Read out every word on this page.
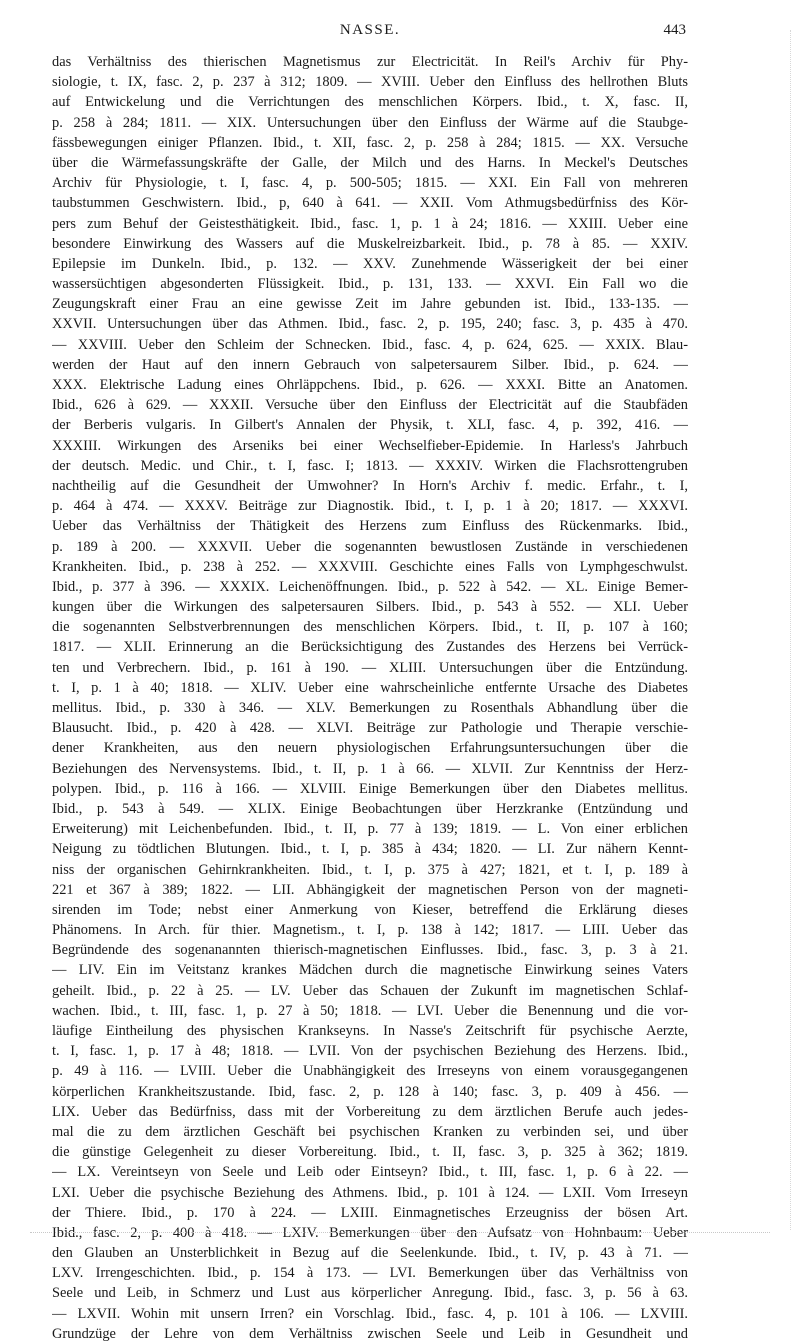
NASSE.	443
das Verhältniss des thierischen Magnetismus zur Electricität. In Reil's Archiv für Phy-
siologie, t. IX, fasc. 2, p. 237 à 312; 1809. — XVIII. Ueber den Einfluss des hellrothen Bluts
auf Entwickelung und die Verrichtungen des menschlichen Körpers. Ibid., t. X, fasc. II,
p. 258 à 284; 1811. — XIX. Untersuchungen über den Einfluss der Wärme auf die Staubge-
fässbewegungen einiger Pflanzen. Ibid., t. XII, fasc. 2, p. 258 à 284; 1815. — XX. Versuche
über die Wärmefassungskräfte der Galle, der Milch und des Harns. In Meckel's Deutsches
Archiv für Physiologie, t. I, fasc. 4, p. 500-505; 1815. — XXI. Ein Fall von mehreren
taubstummen Geschwistern. Ibid., p, 640 à 641. — XXII. Vom Athmugsbedürfniss des Kör-
pers zum Behuf der Geistesthätigkeit. Ibid., fasc. 1, p. 1 à 24; 1816. — XXIII. Ueber eine
besondere Einwirkung des Wassers auf die Muskelreizbarkeit. Ibid., p. 78 à 85. — XXIV.
Epilepsie im Dunkeln. Ibid., p. 132. — XXV. Zunehmende Wässerigkeit der bei einer
wassersüchtigen abgesonderten Flüssigkeit. Ibid., p. 131, 133. — XXVI. Ein Fall wo die
Zeugungskraft einer Frau an eine gewisse Zeit im Jahre gebunden ist. Ibid., 133-135. —
XXVII. Untersuchungen über das Athmen. Ibid., fasc. 2, p. 195, 240; fasc. 3, p. 435 à 470.
— XXVIII. Ueber den Schleim der Schnecken. Ibid., fasc. 4, p. 624, 625. — XXIX. Blau-
werden der Haut auf den innern Gebrauch von salpetersaurem Silber. Ibid., p. 624. —
XXX. Elektrische Ladung eines Ohrläppchens. Ibid., p. 626. — XXXI. Bitte an Anatomen.
Ibid., 626 à 629. — XXXII. Versuche über den Einfluss der Electricität auf die Staubfäden
der Berberis vulgaris. In Gilbert's Annalen der Physik, t. XLI, fasc. 4, p. 392, 416. —
XXXIII. Wirkungen des Arseniks bei einer Wechselfieber-Epidemie. In Harless's Jahrbuch
der deutsch. Medic. und Chir., t. I, fasc. I; 1813. — XXXIV. Wirken die Flachsrottengruben
nachtheilig auf die Gesundheit der Umwohner? In Horn's Archiv f. medic. Erfahr., t. I,
p. 464 à 474. — XXXV. Beiträge zur Diagnostik. Ibid., t. I, p. 1 à 20; 1817. — XXXVI.
Ueber das Verhältniss der Thätigkeit des Herzens zum Einfluss des Rückenmarks. Ibid.,
p. 189 à 200. — XXXVII. Ueber die sogenannten bewustlosen Zustände in verschiedenen
Krankheiten. Ibid., p. 238 à 252. — XXXVIII. Geschichte eines Falls von Lymphgeschwulst.
Ibid., p. 377 à 396. — XXXIX. Leichenöffnungen. Ibid., p. 522 à 542. — XL. Einige Bemer-
kungen über die Wirkungen des salpetersauren Silbers. Ibid., p. 543 à 552. — XLI. Ueber
die sogenannten Selbstverbrennungen des menschlichen Körpers. Ibid., t. II, p. 107 à 160;
1817. — XLII. Erinnerung an die Berücksichtigung des Zustandes des Herzens bei Verrück-
ten und Verbrechern. Ibid., p. 161 à 190. — XLIII. Untersuchungen über die Entzündung.
t. I, p. 1 à 40; 1818. — XLIV. Ueber eine wahrscheinliche entfernte Ursache des Diabetes
mellitus. Ibid., p. 330 à 346. — XLV. Bemerkungen zu Rosenthals Abhandlung über die
Blausucht. Ibid., p. 420 à 428. — XLVI. Beiträge zur Pathologie und Therapie verschie-
dener Krankheiten, aus den neuern physiologischen Erfahrungsuntersuchungen über die
Beziehungen des Nervensystems. Ibid., t. II, p. 1 à 66. — XLVII. Zur Kenntniss der Herz-
polypen. Ibid., p. 116 à 166. — XLVIII. Einige Bemerkungen über den Diabetes mellitus.
Ibid., p. 543 à 549. — XLIX. Einige Beobachtungen über Herzkranke (Entzündung und
Erweiterung) mit Leichenbefunden. Ibid., t. II, p. 77 à 139; 1819. — L. Von einer erblichen
Neigung zu tödtlichen Blutungen. Ibid., t. I, p. 385 à 434; 1820. — LI. Zur nähern Kennt-
niss der organischen Gehirnkrankheiten. Ibid., t. I, p. 375 à 427; 1821, et t. I, p. 189 à
221 et 367 à 389; 1822. — LII. Abhängigkeit der magnetischen Person von der magneti-
sirenden im Tode; nebst einer Anmerkung von Kieser, betreffend die Erklärung dieses
Phänomens. In Arch. für thier. Magnetism., t. I, p. 138 à 142; 1817. — LIII. Ueber das
Begründende des sogenanannten thierisch-magnetischen Einflusses. Ibid., fasc. 3, p. 3 à 21.
— LIV. Ein im Veitstanz krankes Mädchen durch die magnetische Einwirkung seines Vaters
geheilt. Ibid., p. 22 à 25. — LV. Ueber das Schauen der Zukunft im magnetischen Schlaf-
wachen. Ibid., t. III, fasc. 1, p. 27 à 50; 1818. — LVI. Ueber die Benennung und die vor-
läufige Eintheilung des physischen Krankseyns. In Nasse's Zeitschrift für psychische Aerzte,
t. I, fasc. 1, p. 17 à 48; 1818. — LVII. Von der psychischen Beziehung des Herzens. Ibid.,
p. 49 à 116. — LVIII. Ueber die Unabhängigkeit des Irreseyns von einem vorausgegangenen
körperlichen Krankheitszustande. Ibid, fasc. 2, p. 128 à 140; fasc. 3, p. 409 à 456. —
LIX. Ueber das Bedürfniss, dass mit der Vorbereitung zu dem ärztlichen Berufe auch jedes-
mal die zu dem ärztlichen Geschäft bei psychischen Kranken zu verbinden sei, und über
die günstige Gelegenheit zu dieser Vorbereitung. Ibid., t. II, fasc. 3, p. 325 à 362; 1819.
— LX. Vereintseyn von Seele und Leib oder Eintseyn? Ibid., t. III, fasc. 1, p. 6 à 22. —
LXI. Ueber die psychische Beziehung des Athmens. Ibid., p. 101 à 124. — LXII. Vom Irreseyn
der Thiere. Ibid., p. 170 à 224. — LXIII. Einmagnetisches Erzeugniss der bösen Art.
Ibid., fasc. 2, p. 400 à 418. — LXIV. Bemerkungen über den Aufsatz von Hohnbaum: Ueber
den Glauben an Unsterblichkeit in Bezug auf die Seelenkunde. Ibid., t. IV, p. 43 à 71. —
LXV. Irrengeschichten. Ibid., p. 154 à 173. — LVI. Bemerkungen über das Verhältniss von
Seele und Leib, in Schmerz und Lust aus körperlicher Anregung. Ibid., fasc. 3, p. 56 à 63.
— LXVII. Wohin mit unsern Irren? ein Vorschlag. Ibid., fasc. 4, p. 101 à 106. — LXVIII.
Grundzüge der Lehre von dem Verhältniss zwischen Seele und Leib in Gesundheit und
